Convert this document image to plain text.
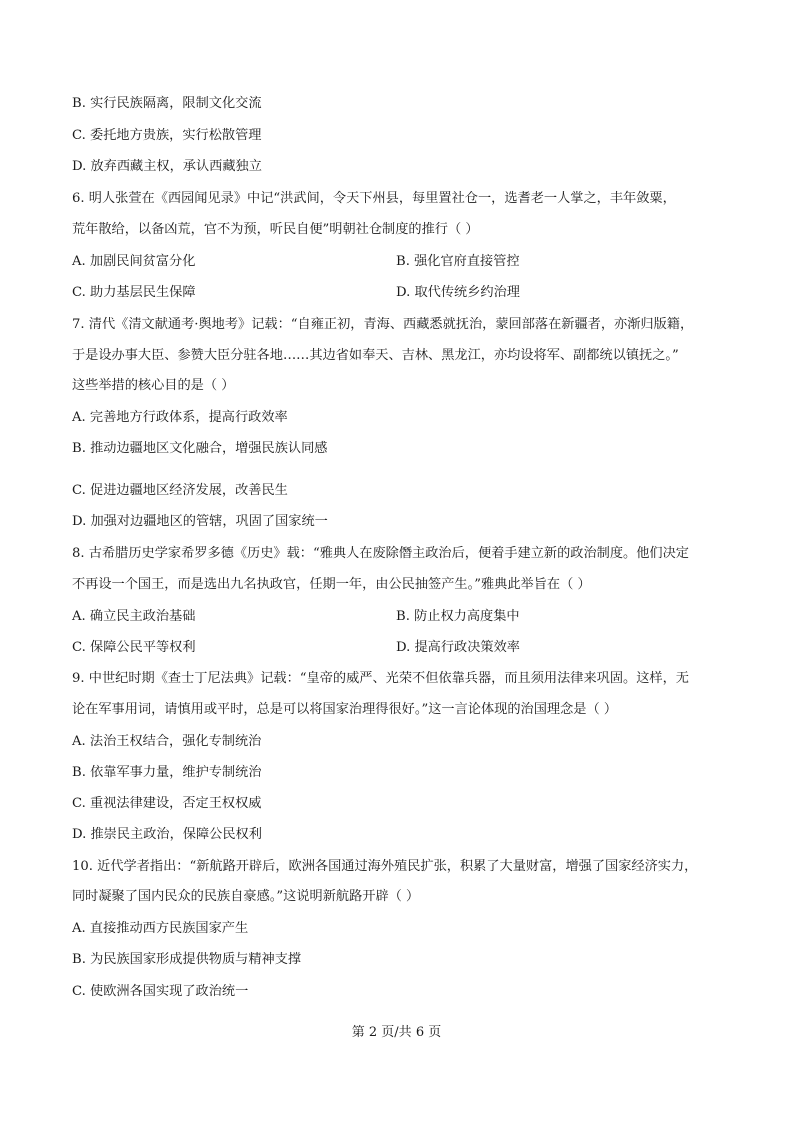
B. 实行民族隔离，限制文化交流
C. 委托地方贵族，实行松散管理
D. 放弃西藏主权，承认西藏独立
6. 明人张萱在《西园闻见录》中记“洪武间，令天下州县，每里置社仓一，选耆老一人掌之，丰年敛粟，
荒年散给，以备凶荒，官不为预，听民自便”明朝社仓制度的推行（ ）
A. 加剧民间贫富分化	B. 强化官府直接管控
C. 助力基层民生保障	D. 取代传统乡约治理
7. 清代《清文献通考·舆地考》记载：“自雍正初，青海、西藏悉就抚治，蒙回部落在新疆者，亦渐归版籍，
于是设办事大臣、参赞大臣分驻各地……其边省如奉天、吉林、黑龙江，亦均设将军、副都统以镇抚之。”
这些举措的核心目的是（ ）
A. 完善地方行政体系，提高行政效率
B. 推动边疆地区文化融合，增强民族认同感
C. 促进边疆地区经济发展，改善民生
D. 加强对边疆地区的管辖，巩固了国家统一
8. 古希腊历史学家希罗多德《历史》载：“雅典人在废除僭主政治后，便着手建立新的政治制度。他们决定
不再设一个国王，而是选出九名执政官，任期一年，由公民抽签产生。”雅典此举旨在（ ）
A. 确立民主政治基础	B. 防止权力高度集中
C. 保障公民平等权利	D. 提高行政决策效率
9. 中世纪时期《查士丁尼法典》记载：“皇帝的威严、光荣不但依靠兵器，而且须用法律来巩固。这样，无
论在军事用词，请慎用或平时，总是可以将国家治理得很好。”这一言论体现的治国理念是（ ）
A. 法治王权结合，强化专制统治
B. 依靠军事力量，维护专制统治
C. 重视法律建设，否定王权权威
D. 推崇民主政治，保障公民权利
10. 近代学者指出：“新航路开辟后，欧洲各国通过海外殖民扩张，积累了大量财富，增强了国家经济实力，
同时凝聚了国内民众的民族自豪感。”这说明新航路开辟（ ）
A. 直接推动西方民族国家产生
B. 为民族国家形成提供物质与精神支撑
C. 使欧洲各国实现了政治统一
第 2 页/共 6 页
